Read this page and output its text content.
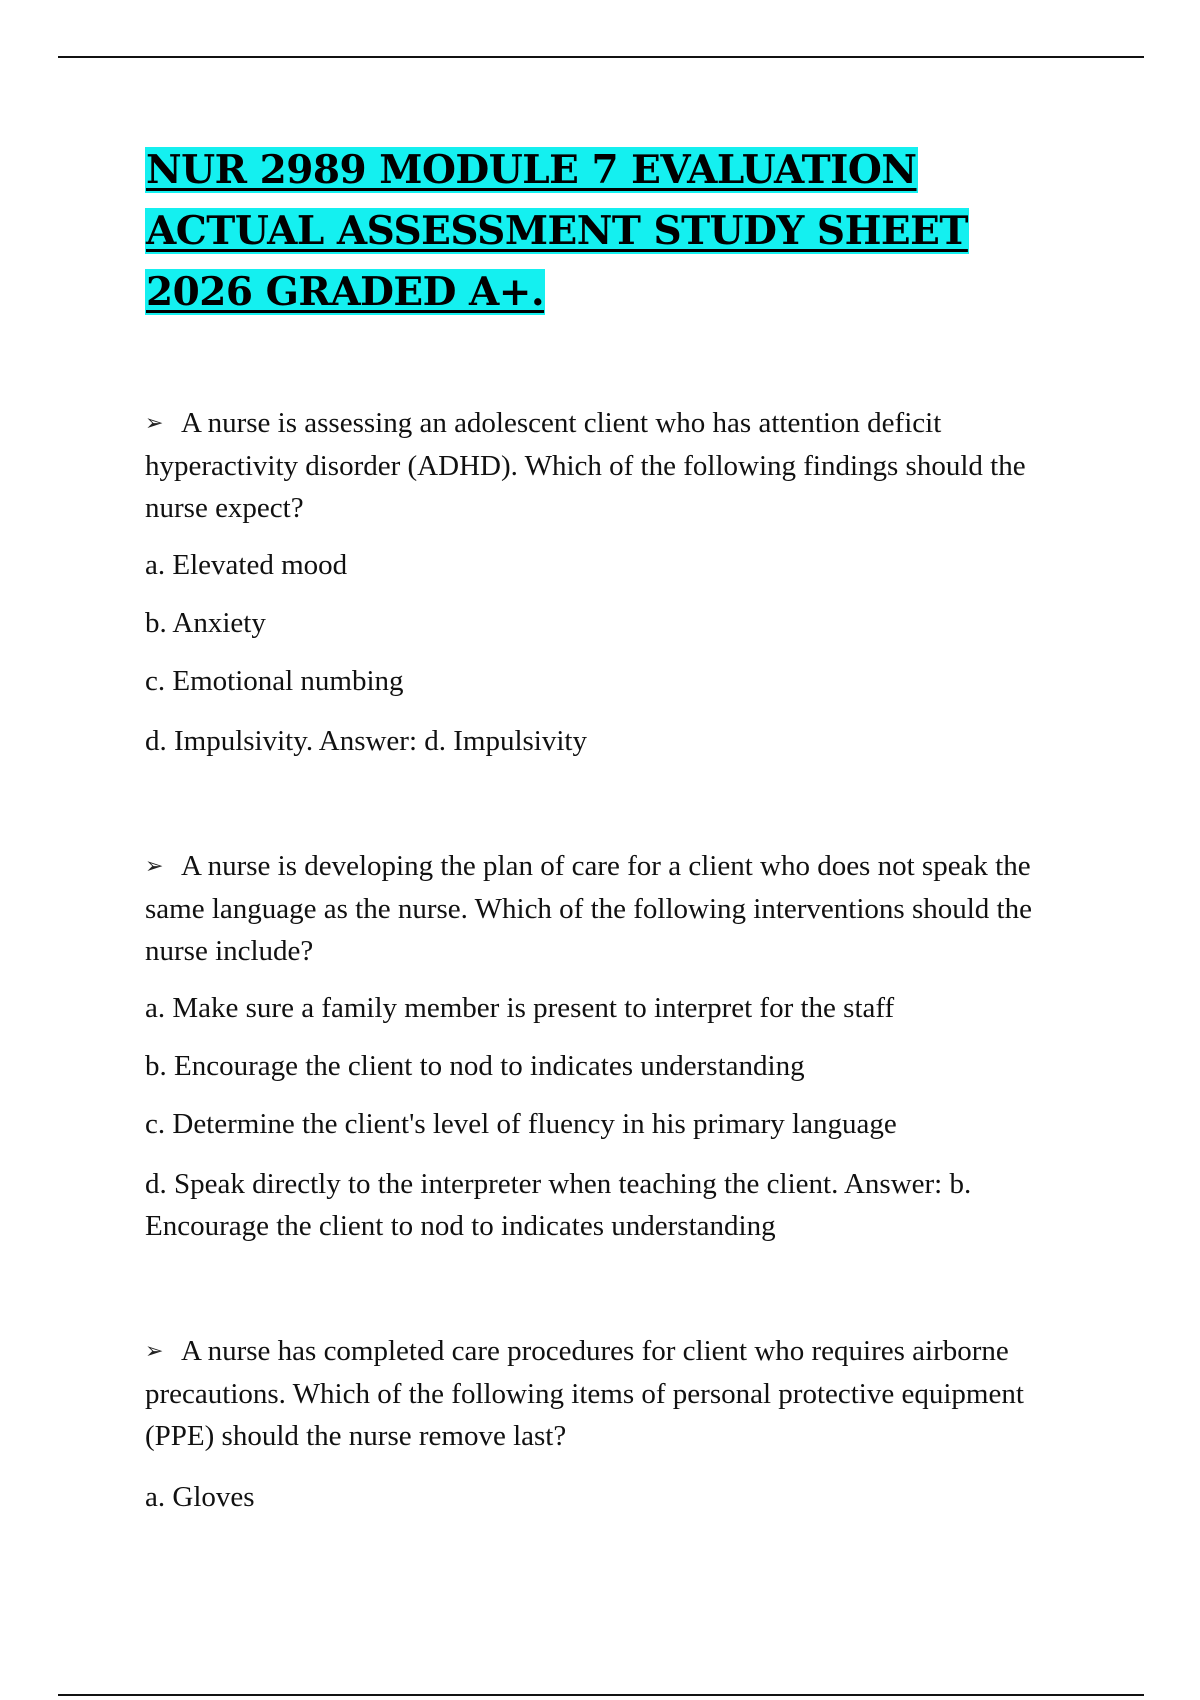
NUR 2989 MODULE 7 EVALUATION ACTUAL ASSESSMENT STUDY SHEET 2026 GRADED A+.

➢ A nurse is assessing an adolescent client who has attention deficit hyperactivity disorder (ADHD). Which of the following findings should the nurse expect?

a. Elevated mood

b. Anxiety

c. Emotional numbing

d. Impulsivity. Answer: d. Impulsivity

➢ A nurse is developing the plan of care for a client who does not speak the same language as the nurse. Which of the following interventions should the nurse include?

a. Make sure a family member is present to interpret for the staff

b. Encourage the client to nod to indicates understanding

c. Determine the client's level of fluency in his primary language

d. Speak directly to the interpreter when teaching the client. Answer: b. Encourage the client to nod to indicates understanding

➢ A nurse has completed care procedures for client who requires airborne precautions. Which of the following items of personal protective equipment (PPE) should the nurse remove last?

a. Gloves
